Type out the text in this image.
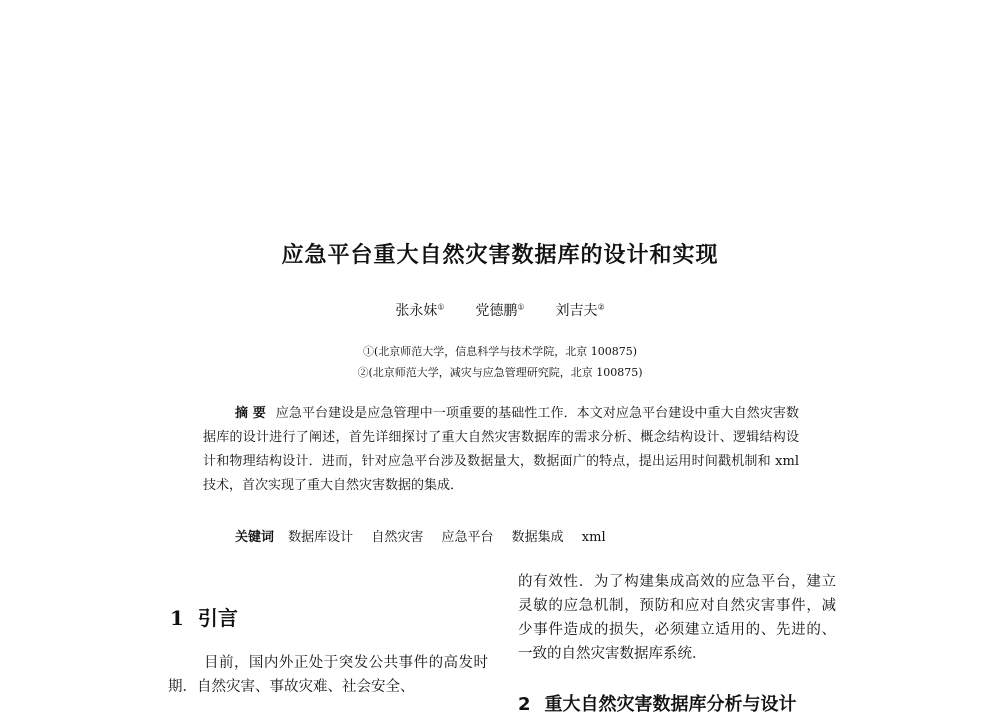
应急平台重大自然灾害数据库的设计和实现
张永妹① 党德鹏① 刘吉夫②
①(北京师范大学，信息科学与技术学院，北京 100875)
②(北京师范大学，减灾与应急管理研究院，北京 100875)
摘 要 应急平台建设是应急管理中一项重要的基础性工作．本文对应急平台建设中重大自然灾害数据库的设计进行了阐述，首先详细探讨了重大自然灾害数据库的需求分析、概念结构设计、逻辑结构设计和物理结构设计．进而，针对应急平台涉及数据量大，数据面广的特点，提出运用时间戳机制和 xml 技术，首次实现了重大自然灾害数据的集成．
关键词 数据库设计 自然灾害 应急平台 数据集成 xml
1 引言
目前，国内外正处于突发公共事件的高发时期．自然灾害、事故灾难、社会安全、
的有效性．为了构建集成高效的应急平台，建立灵敏的应急机制，预防和应对自然灾害事件，减少事件造成的损失，必须建立适用的、先进的、一致的自然灾害数据库系统．
2 重大自然灾害数据库分析与设计
